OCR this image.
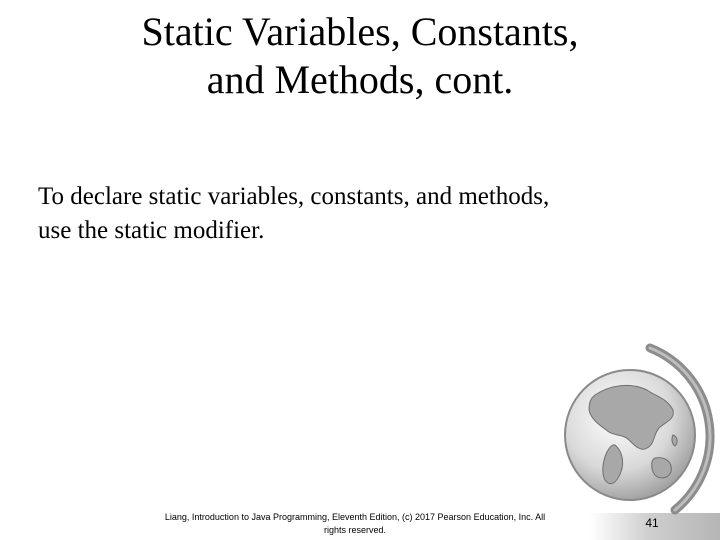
Static Variables, Constants,
and Methods, cont.
To declare static variables, constants, and methods,
use the static modifier.
Liang, Introduction to Java Programming, Eleventh Edition, (c) 2017 Pearson Education, Inc. All
rights reserved.	41
